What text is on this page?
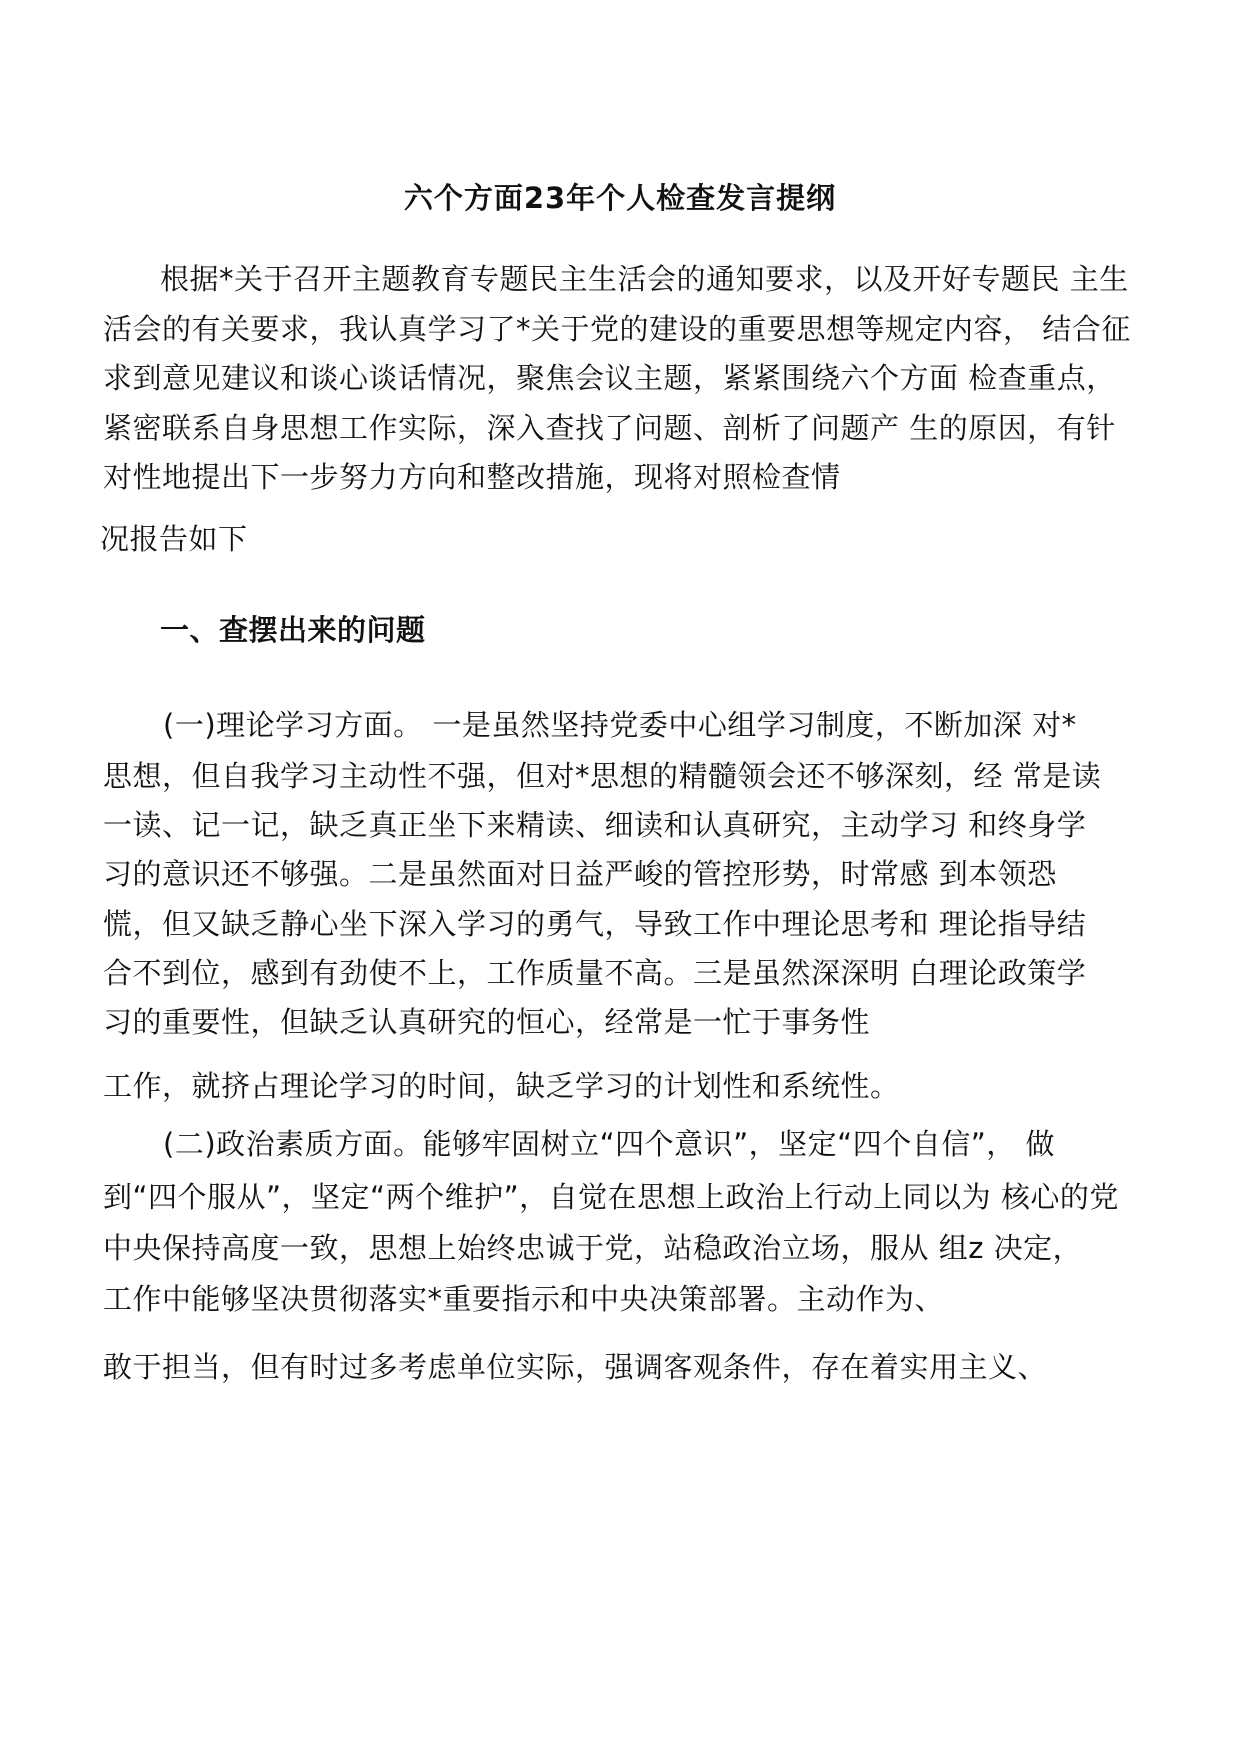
六个方面23年个人检查发言提纲
根据*关于召开主题教育专题民主生活会的通知要求，以及开好专题民 主生
活会的有关要求，我认真学习了*关于党的建设的重要思想等规定内容， 结合征
求到意见建议和谈心谈话情况，聚焦会议主题，紧紧围绕六个方面 检查重点，
紧密联系自身思想工作实际，深入查找了问题、剖析了问题产 生的原因，有针
对性地提出下一步努力方向和整改措施，现将对照检查情
况报告如下
一、查摆出来的问题
(一)理论学习方面。 一是虽然坚持党委中心组学习制度，不断加深 对*
思想，但自我学习主动性不强，但对*思想的精髓领会还不够深刻，经 常是读
一读、记一记，缺乏真正坐下来精读、细读和认真研究，主动学习 和终身学
习的意识还不够强。二是虽然面对日益严峻的管控形势，时常感 到本领恐
慌，但又缺乏静心坐下深入学习的勇气，导致工作中理论思考和 理论指导结
合不到位，感到有劲使不上，工作质量不高。三是虽然深深明 白理论政策学
习的重要性，但缺乏认真研究的恒心，经常是一忙于事务性
工作，就挤占理论学习的时间，缺乏学习的计划性和系统性。
(二)政治素质方面。能够牢固树立“四个意识”，坚定“四个自信”， 做
到“四个服从”，坚定“两个维护”，自觉在思想上政治上行动上同以为 核心的党
中央保持高度一致，思想上始终忠诚于党，站稳政治立场，服从 组z 决定，
工作中能够坚决贯彻落实*重要指示和中央决策部署。主动作为、
敢于担当，但有时过多考虑单位实际，强调客观条件，存在着实用主义、
